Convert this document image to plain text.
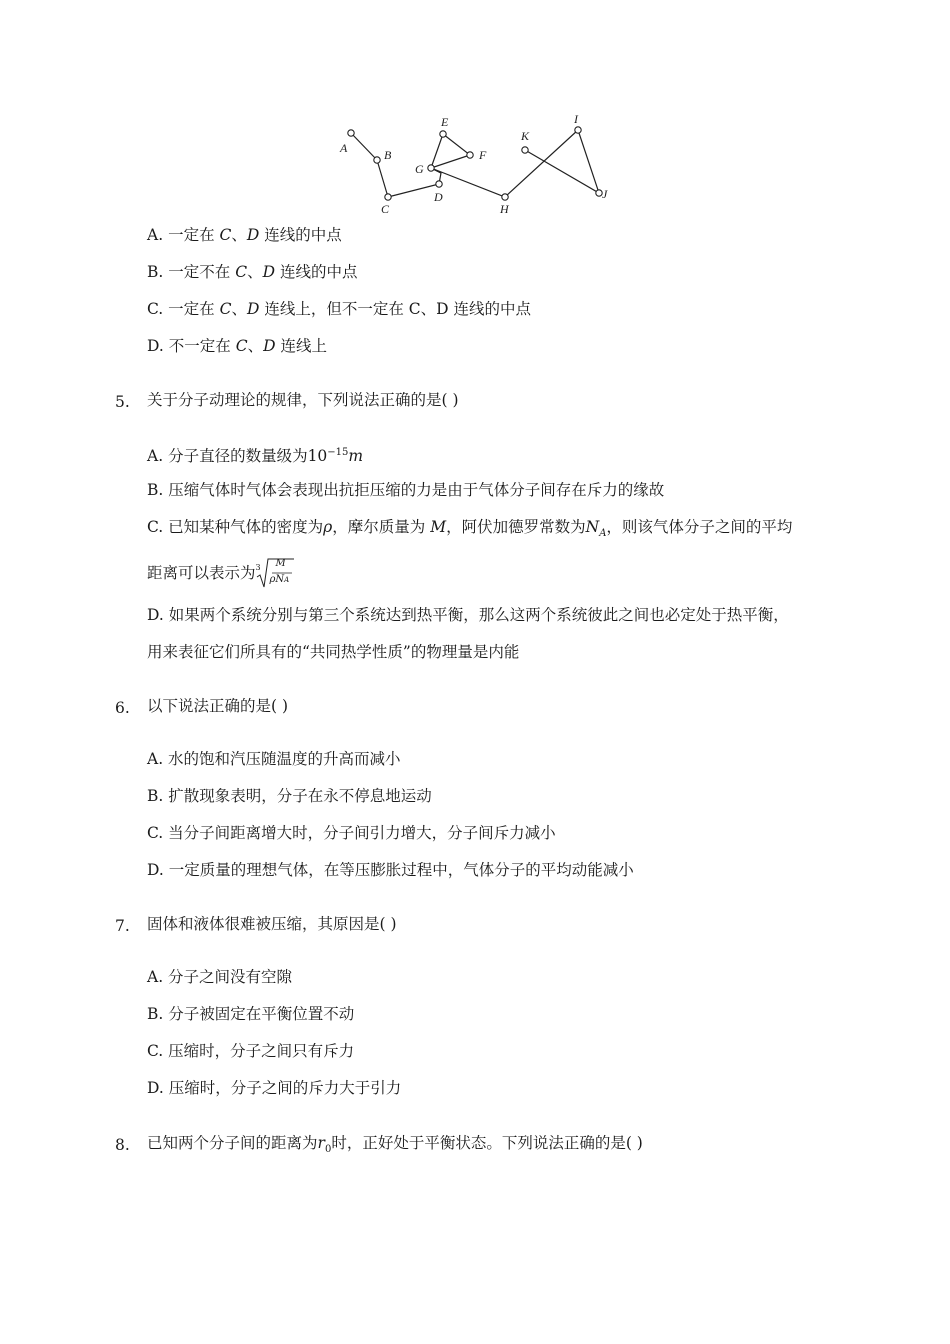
A	B
C
D
E
F
G
H
K
I
J
A. 一定在 C、D 连线的中点
B. 一定不在 C、D 连线的中点
C. 一定在 C、D 连线上，但不一定在 C、D 连线的中点
D. 不一定在 C、D 连线上
5. 关于分子动理论的规律，下列说法正确的是( )
A. 分子直径的数量级为$10^{-15}m$
B. 压缩气体时气体会表现出抗拒压缩的力是由于气体分子间存在斥力的缘故
C. 已知某种气体的密度为ρ，摩尔质量为 M，阿伏加德罗常数为$N_A$，则该气体分子之间的平均
距离可以表示为 3 M
ρNA
D. 如果两个系统分别与第三个系统达到热平衡，那么这两个系统彼此之间也必定处于热平衡，
用来表征它们所具有的“共同热学性质”的物理量是内能
6. 以下说法正确的是( )
A. 水的饱和汽压随温度的升高而减小
B. 扩散现象表明，分子在永不停息地运动
C. 当分子间距离增大时，分子间引力增大，分子间斥力减小
D. 一定质量的理想气体，在等压膨胀过程中，气体分子的平均动能减小
7. 固体和液体很难被压缩，其原因是( )
A. 分子之间没有空隙
B. 分子被固定在平衡位置不动
C. 压缩时，分子之间只有斥力
D. 压缩时，分子之间的斥力大于引力
8. 已知两个分子间的距离为$r_0$时，正好处于平衡状态。下列说法正确的是( )
